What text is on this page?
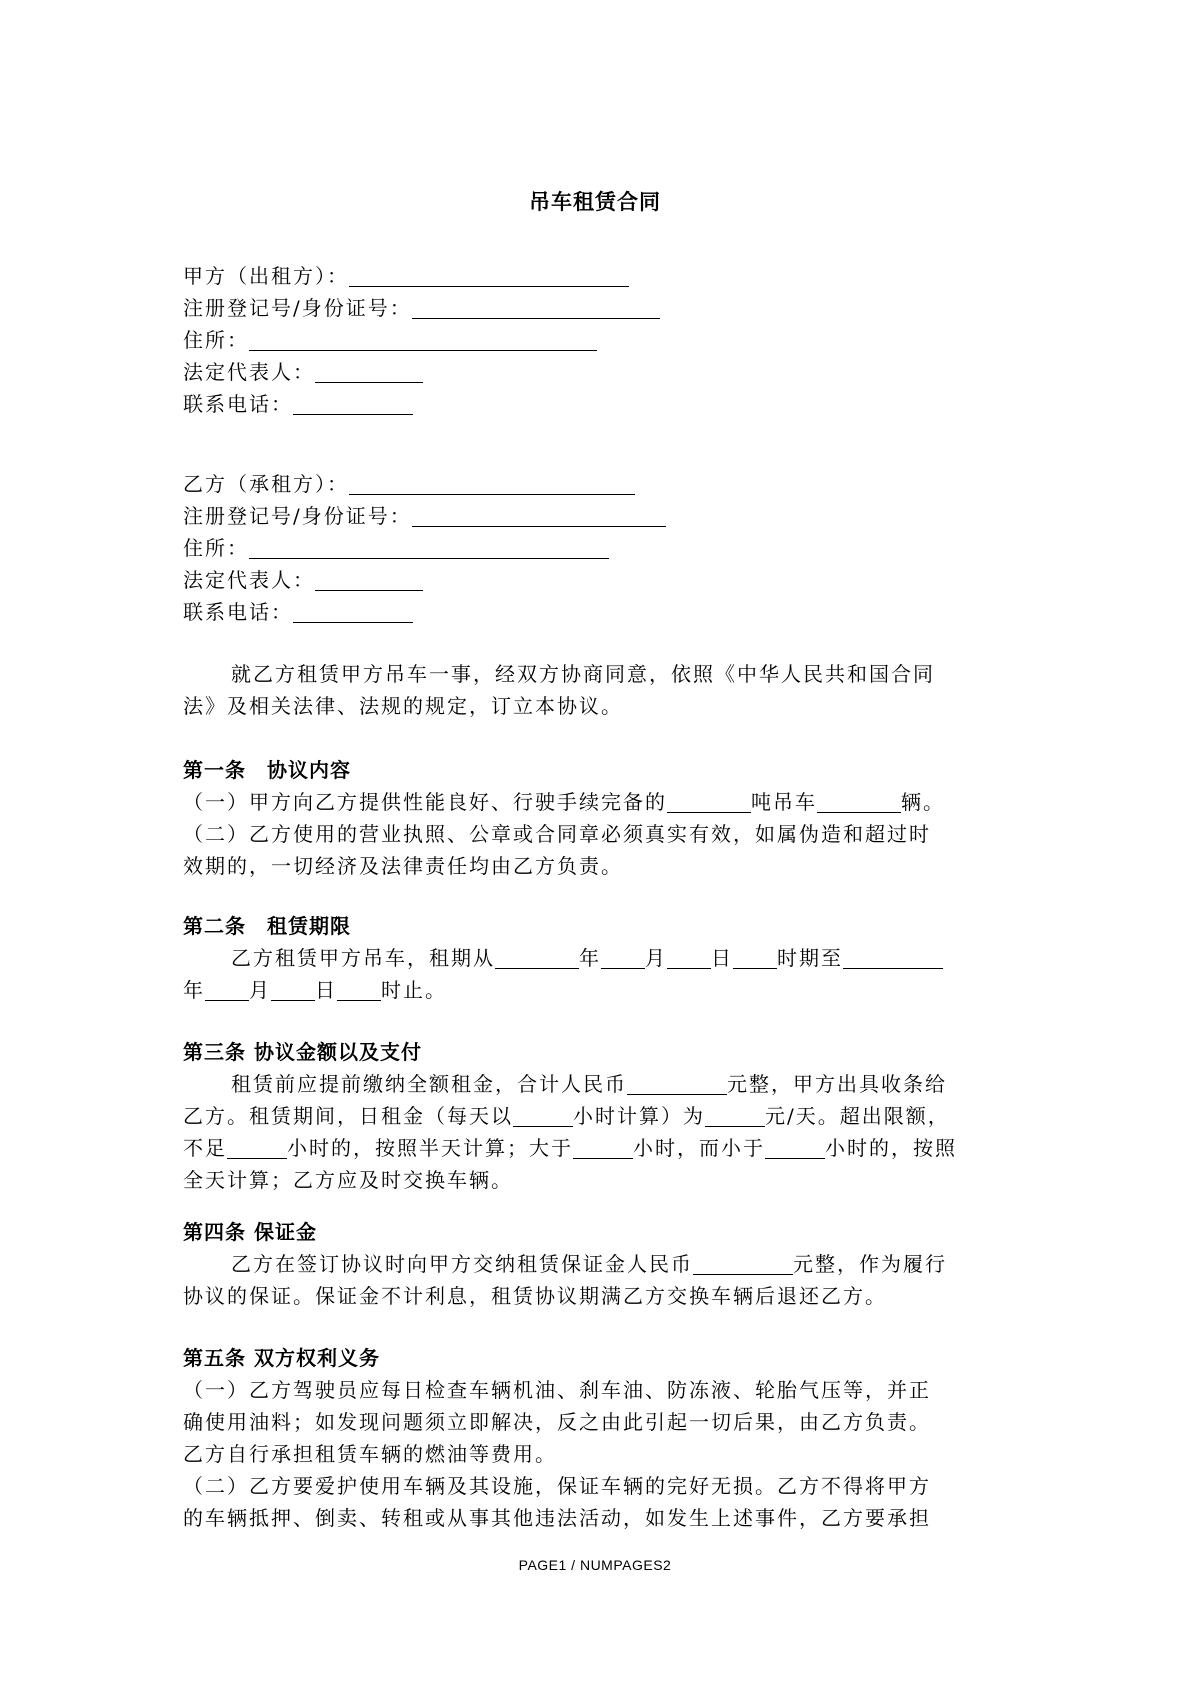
吊车租赁合同
甲方（出租方）：
注册登记号/身份证号：
住所：
法定代表人：
联系电话：
乙方（承租方）：
注册登记号/身份证号：
住所：
法定代表人：
联系电话：
就乙方租赁甲方吊车一事，经双方协商同意，依照《中华人民共和国合同
法》及相关法律、法规的规定，订立本协议。
第一条　协议内容
（一）甲方向乙方提供性能良好、行驶手续完备的	吨吊车	辆。
（二）乙方使用的营业执照、公章或合同章必须真实有效，如属伪造和超过时
效期的，一切经济及法律责任均由乙方负责。
第二条　租赁期限
乙方租赁甲方吊车，租期从	年 月 日 时期至
年 月 日 时止。
第三条 协议金额以及支付
租赁前应提前缴纳全额租金，合计人民币	元整，甲方出具收条给
乙方。租赁期间，日租金（每天以	小时计算）为	元/天。超出限额，
不足	小时的，按照半天计算；大于	小时，而小于	小时的，按照
全天计算；乙方应及时交换车辆。
第四条 保证金
乙方在签订协议时向甲方交纳租赁保证金人民币	元整，作为履行
协议的保证。保证金不计利息，租赁协议期满乙方交换车辆后退还乙方。
第五条 双方权利义务
（一）乙方驾驶员应每日检查车辆机油、刹车油、防冻液、轮胎气压等，并正
确使用油料；如发现问题须立即解决，反之由此引起一切后果，由乙方负责。
乙方自行承担租赁车辆的燃油等费用。
（二）乙方要爱护使用车辆及其设施，保证车辆的完好无损。乙方不得将甲方
的车辆抵押、倒卖、转租或从事其他违法活动，如发生上述事件，乙方要承担
PAGE1 / NUMPAGES2
